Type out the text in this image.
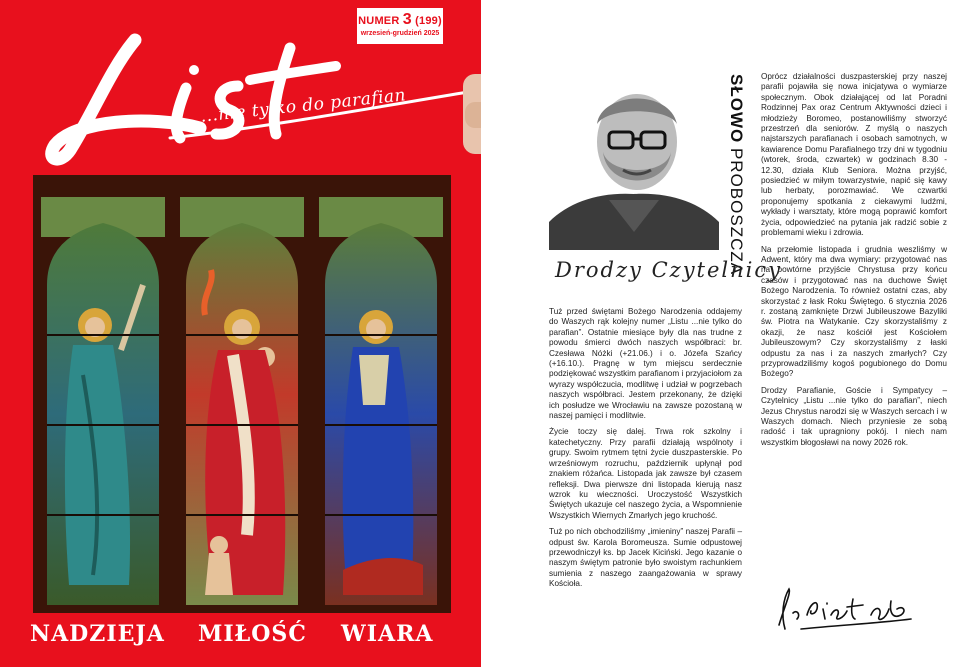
NUMER 3 (199)
wrzesień-grudzień 2025
...nie tylko do parafian
NADZIEJA MIŁOŚĆ WIARA
SŁOWO PROBOSZCZA
Drodzy Czytelnicy

Tuż przed świętami Bożego Narodzenia oddajemy do Waszych rąk kolejny numer „Listu ...nie tylko do parafian”. Ostatnie miesiące były dla nas trudne z powodu śmierci dwóch naszych współbraci: br. Czesława Nóżki (+21.06.) i o. Józefa Szańcy (+16.10.). Pragnę w tym miejscu serdecznie podziękować wszystkim parafianom i przyjaciołom za wyrazy współczucia, modlitwę i udział w pogrzebach naszych współbraci. Jestem przekonany, że dzięki ich posłudze we Wrocławiu na zawsze pozostaną w naszej pamięci i modlitwie.

Życie toczy się dalej. Trwa rok szkolny i katechetyczny. Przy parafii działają wspólnoty i grupy. Swoim rytmem tętni życie duszpasterskie. Po wrześniowym rozruchu, październik upłynął pod znakiem różańca. Listopada jak zawsze był czasem refleksji. Dwa pierwsze dni listopada kierują nasz wzrok ku wieczności. Uroczystość Wszystkich Świętych ukazuje cel naszego życia, a Wspomnienie Wszystkich Wiernych Zmarłych jego kruchość.

Tuż po nich obchodziliśmy „imieniny” naszej Parafii – odpust św. Karola Boromeusza. Sumie odpustowej przewodniczył ks. bp Jacek Kiciński. Jego kazanie o naszym świętym patronie było swoistym rachunkiem sumienia z naszego zaangażowania w sprawy Kościoła.

Oprócz działalności duszpasterskiej przy naszej parafii pojawiła się nowa inicjatywa o wymiarze społecznym. Obok działającej od lat Poradni Rodzinnej Pax oraz Centrum Aktywności dzieci i młodzieży Boromeo, postanowiliśmy stworzyć przestrzeń dla seniorów. Z myślą o naszych najstarszych parafianach i osobach samotnych, w kawiarence Domu Parafialnego trzy dni w tygodniu (wtorek, środa, czwartek) w godzinach 8.30 - 12.30, działa Klub Seniora. Można przyjść, posiedzieć w miłym towarzystwie, napić się kawy lub herbaty, porozmawiać. We czwartki proponujemy spotkania z ciekawymi ludźmi, wykłady i warsztaty, które mogą poprawić komfort życia, odpowiedzieć na pytania jak radzić sobie z problemami wieku i zdrowia.

Na przełomie listopada i grudnia weszliśmy w Adwent, który ma dwa wymiary: przygotować nas na powtórne przyjście Chrystusa przy końcu czasów i przygotować nas na duchowe Święt Bożego Narodzenia. To również ostatni czas, aby skorzystać z łask Roku Świętego. 6 stycznia 2026 r. zostaną zamknięte Drzwi Jubileuszowe Bazyliki św. Piotra na Watykanie. Czy skorzystaliśmy z okazji, że nasz kościół jest Kościołem Jubileuszowym? Czy skorzystaliśmy z łaski odpustu za nas i za naszych zmarłych? Czy przyprowadziliśmy kogoś pogubionego do Domu Bożego?

Drodzy Parafianie, Goście i Sympatycy – Czytelnicy „Listu ...nie tylko do parafian”, niech Jezus Chrystus narodzi się w Waszych sercach i w Waszych domach. Niech przyniesie ze sobą radość i tak upragniony pokój. I niech nam wszystkim błogosławi na nowy 2026 rok.
